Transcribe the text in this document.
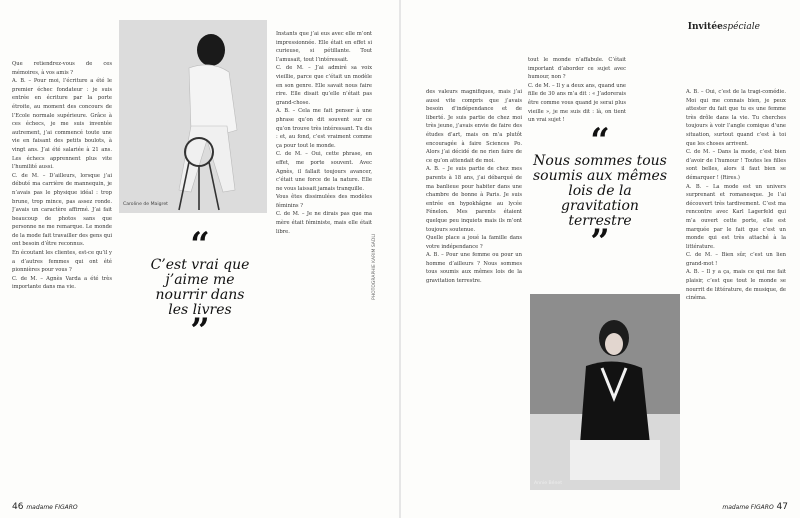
Caroline de Maigret
Annie Bénet

Que retiendrez-vous de ces mémoires, à vos amis ?

A. B. – Pour moi, l’écriture a été le premier échec fondateur : je suis entrée en écriture par la porte étroite, au moment des concours de l’Ecole normale supérieure. Grâce à ces échecs, je me suis inventée autrement, j’ai commencé toute une vie en faisant des petits boulots, à vingt ans. J’ai été salariée à 21 ans. Les échecs apprennent plus vite l’humilité aussi.

C. de M. – D’ailleurs, lorsque j’ai débuté ma carrière de mannequin, je n’avais pas le physique idéal : trop brune, trop mince, pas assez ronde. J’avais un caractère affirmé. J’ai fait beaucoup de photos sans que personne ne me remarque. Le monde de la mode fait travailler des gens qui ont besoin d’être reconnus.

En écoutant les clientes, est-ce qu’il y a d’autres femmes qui ont été pionnières pour vous ?

C. de M. – Agnès Varda a été très importante dans ma vie.

Instants que j’ai eus avec elle m’ont impressionnée. Elle était en effet si curieuse, si pétillante. Tout l’amusait, tout l’intéressait.

C. de M. – J’ai admiré sa voix vieillie, parce que c’était un modèle en son genre. Elle savait nous faire rire. Elle disait qu’elle n’était pas grand-chose.

A. B. – Cela me fait penser à une phrase qu’on dit souvent sur ce qu’on trouve très intéressant. Tu dis : et, au fond, c’est vraiment comme ça pour tout le monde.

C. de M. – Oui, cette phrase, en effet, me porte souvent. Avec Agnès, il fallait toujours avancer, c’était une force de la nature. Elle ne vous laissait jamais tranquille.

Vous êtes dissimulées des modèles féminins ?

C. de M. – Je ne dirais pas que ma mère était féministe, mais elle était libre.

“
C’est vrai que j’aime me nourrir dans les livres
”
PHOTOGRAPHIE KARIM SADLI
Invitéespéciale

des valeurs magnifiques, mais j’ai aussi vite compris que j’avais besoin d’indépendance et de liberté. Je suis partie de chez moi très jeune, j’avais envie de faire des études d’art, mais on m’a plutôt encouragée à faire Sciences Po. Alors j’ai décidé de ne rien faire de ce qu’on attendait de moi.

A. B. – Je suis partie de chez mes parents à 18 ans, j’ai débarqué de ma banlieue pour habiter dans une chambre de bonne à Paris. Je suis entrée en hypokhâgne au lycée Fénelon. Mes parents étaient quelque peu inquiets mais ils m’ont toujours soutenue.

Quelle place a joué la famille dans votre indépendance ?

A. B. – Pour une femme ou pour un homme d’ailleurs ? Nous sommes tous soumis aux mêmes lois de la gravitation terrestre.

tout le monde n’affabule. C’était important d’aborder ce sujet avec humour, non ?

C. de M. – Il y a deux ans, quand une fille de 30 ans m’a dit : « J’adorerais être comme vous quand je serai plus vieille », je me suis dit : là, on tient un vrai sujet !

“
Nous sommes tous soumis aux mêmes lois de la gravitation terrestre
”

A. B. – Oui, c’est de la tragi-comédie. Moi qui me connais bien, je peux attester du fait que tu es une femme très drôle dans la vie. Tu cherches toujours à voir l’angle comique d’une situation, surtout quand c’est à toi que les choses arrivent.

C. de M. – Dans la mode, c’est bien d’avoir de l’humour ! Toutes les filles sont belles, alors il faut bien se démarquer ! (Rires.)

A. B. – La mode est un univers surprenant et romanesque. Je l’ai découvert très tardivement. C’est ma rencontre avec Karl Lagerfeld qui m’a ouvert cette porte, elle est marquée par le fait que c’est un monde qui est très attaché à la littérature.

C. de M. – Bien sûr, c’est un lien grand-mot !

A. B. – Il y a ça, mais ce qui me fait plaisir, c’est que tout le monde se nourrit de littérature, de musique, de cinéma.

46 madame FIGARO	madame FIGARO 47
